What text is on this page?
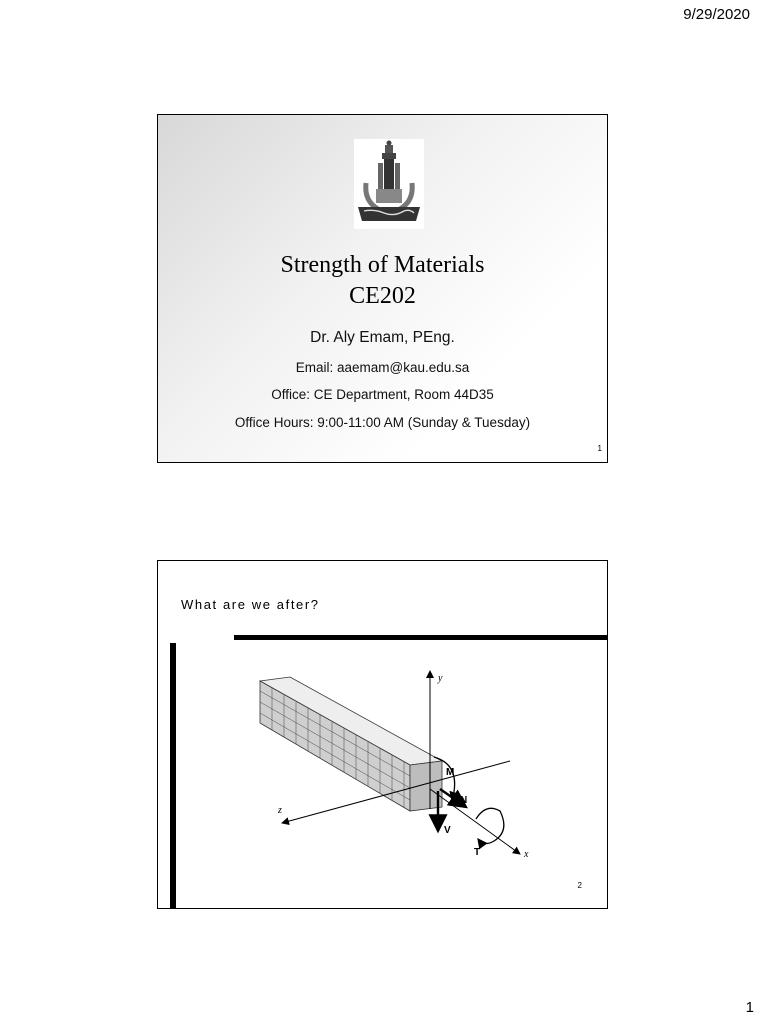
9/29/2020
Strength of Materials
CE202
Dr. Aly Emam, PEng.
Email: aaemam@kau.edu.sa
Office: CE Department, Room 44D35
Office Hours: 9:00-11:00 AM (Sunday & Tuesday)
1
What are we after?
y
z
x
M
N
V
T
2
1
